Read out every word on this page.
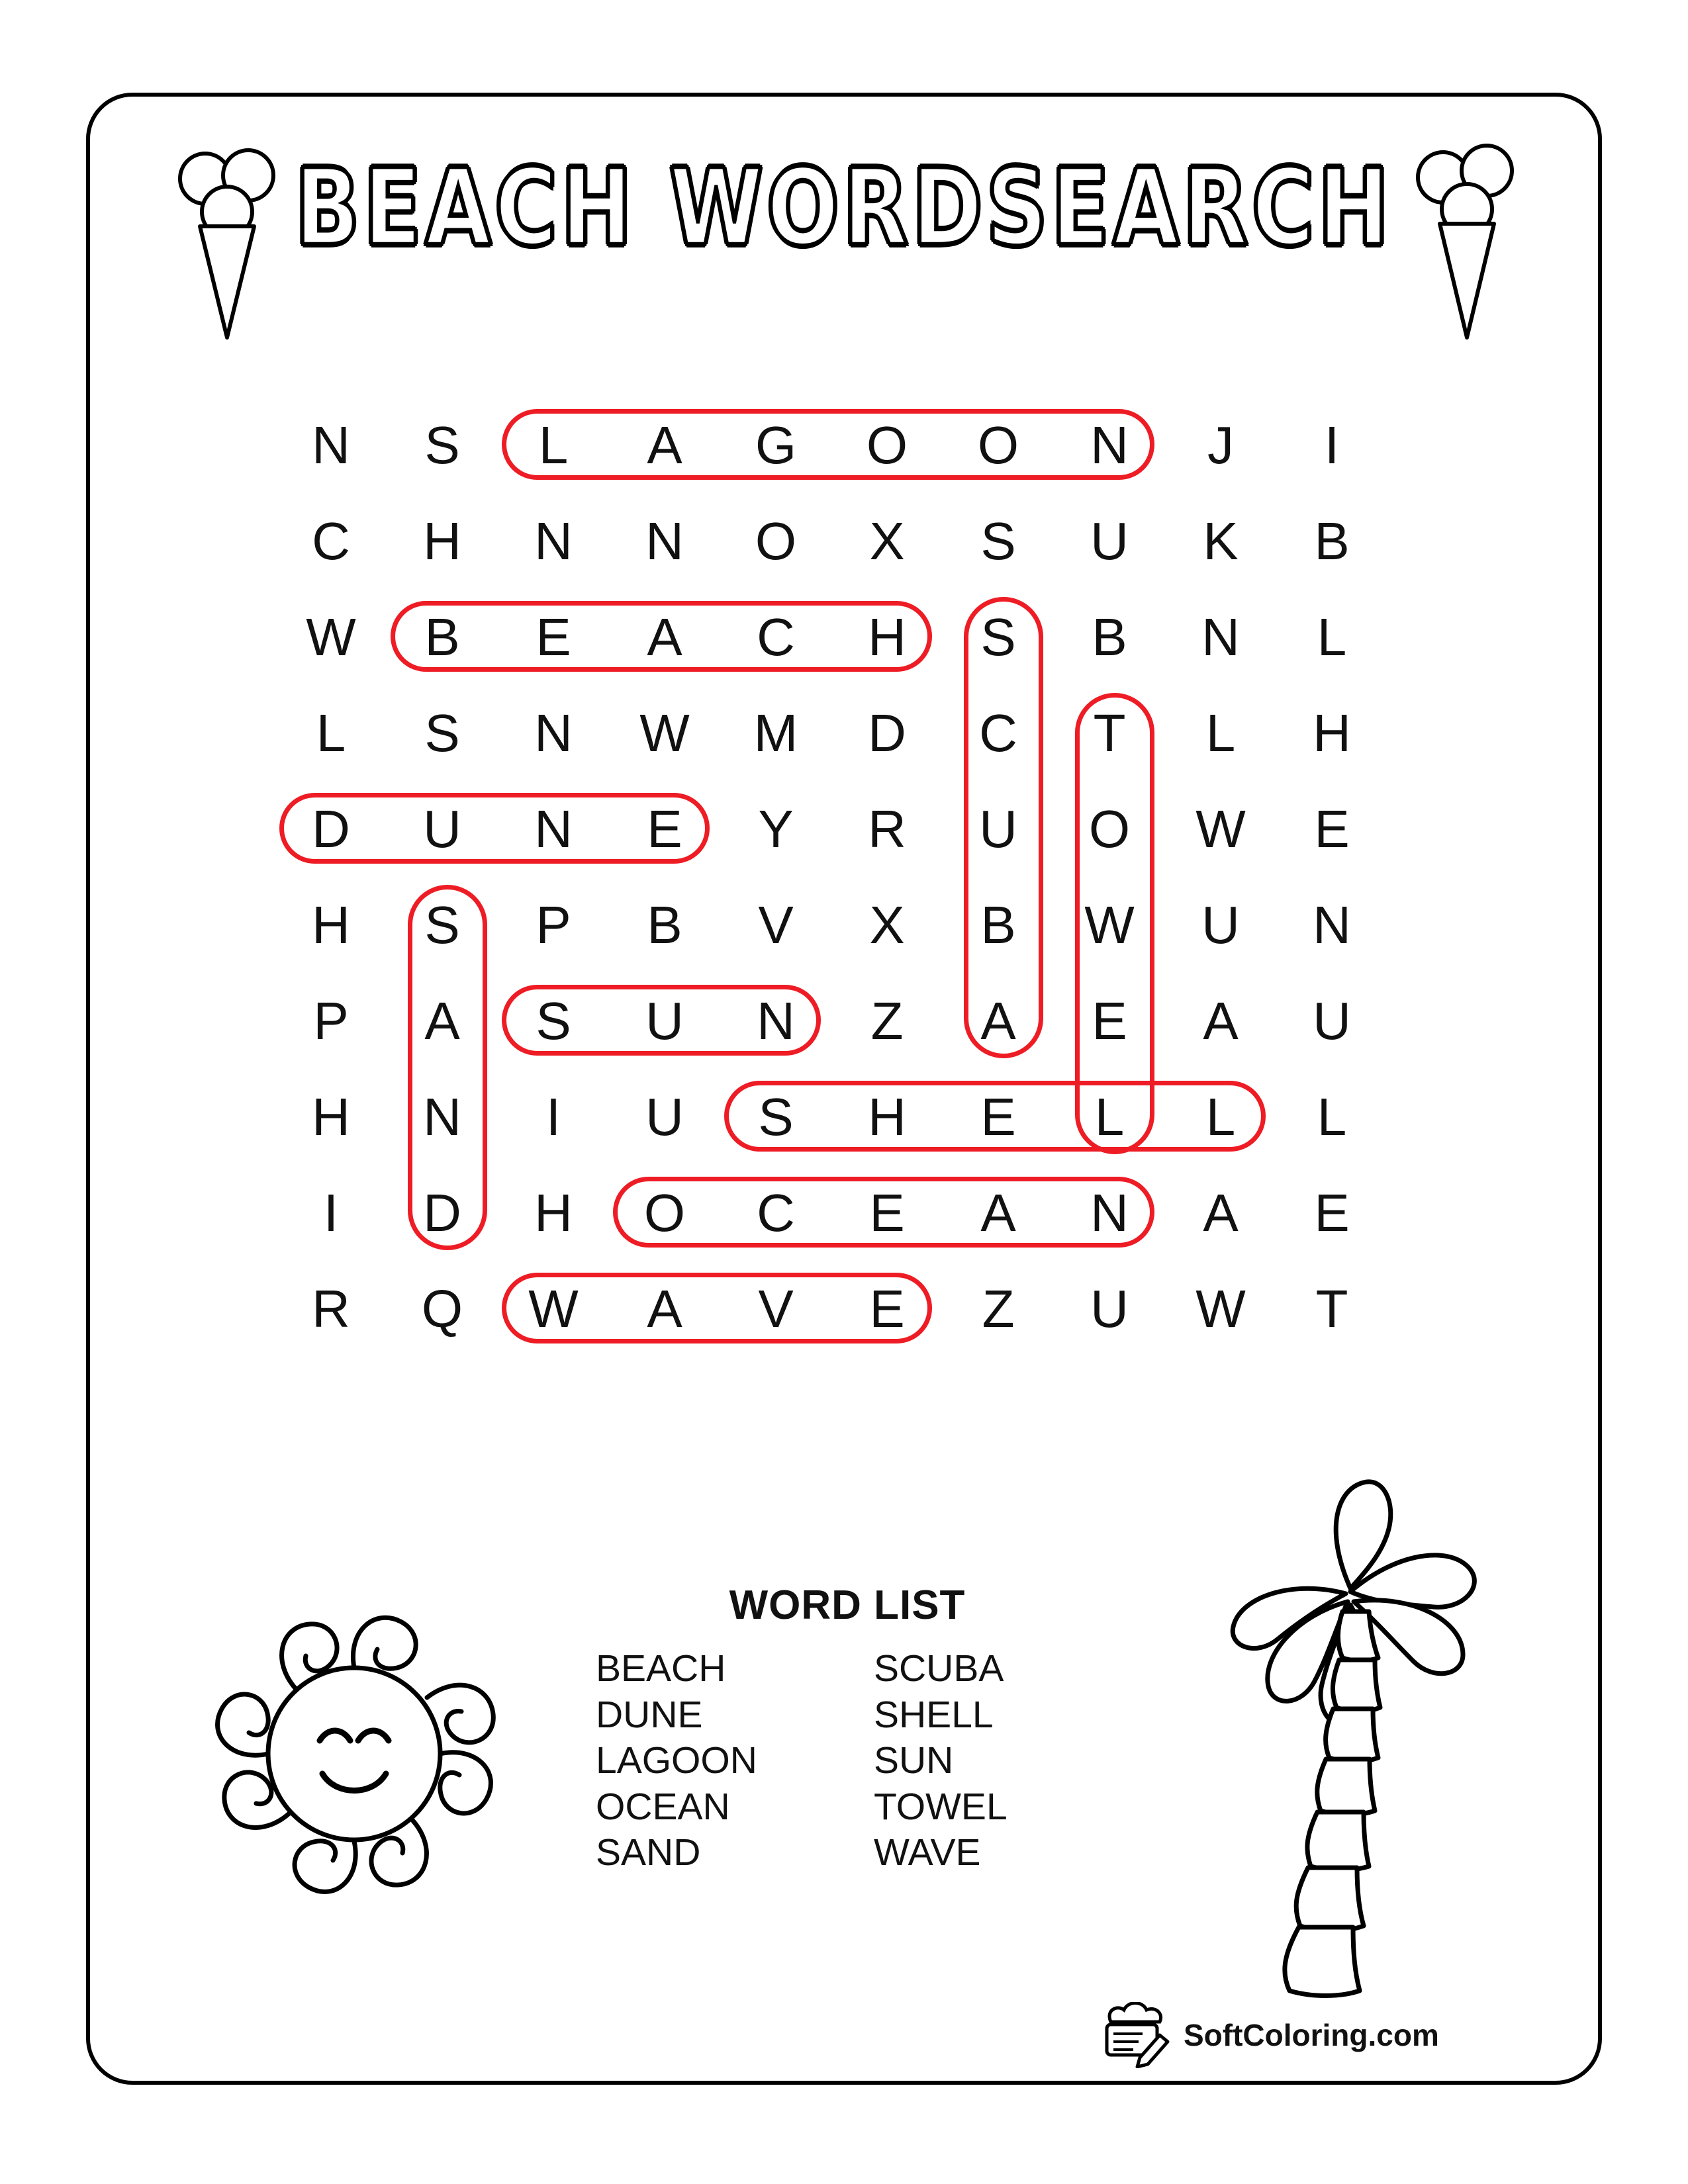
BEACH WORDSEARCH
N	S	L	A	G	O	O	N	J	I
C	H	N	N	O	X	S	U	K	B
W	B	E	A	C	H	S	B	N	L
L	S	N	W	M	D	C	T	L	H
D	U	N	E	Y	R	U	O	W	E
H	S	P	B	V	X	B	W	U	N
P	A	S	U	N	Z	A	E	A	U
H	N	I	U	S	H	E	L	L	L
I	D	H	O	C	E	A	N	A	E
R	Q	W	A	V	E	Z	U	W	T
WORD LIST
BEACH
DUNE
LAGOON
OCEAN
SAND
SCUBA
SHELL
SUN
TOWEL
WAVE
SoftColoring.com
